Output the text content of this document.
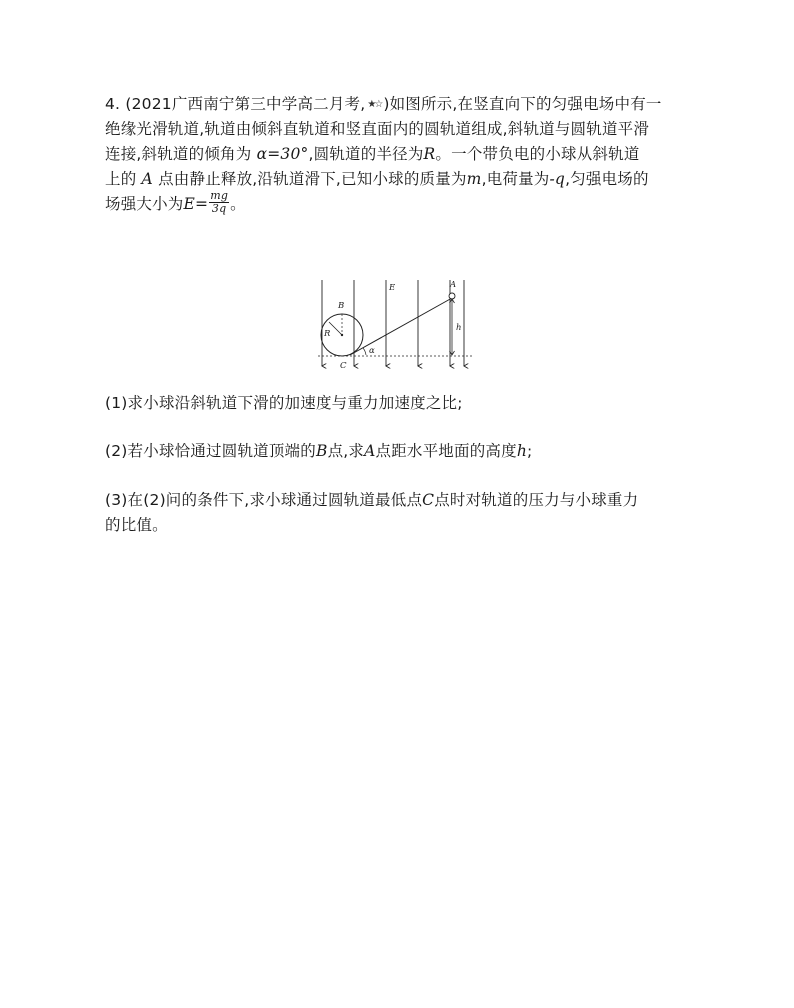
4. (2021广西南宁第三中学高二月考, ★☆ )如图所示,在竖直向下的匀强电场中有一
绝缘光滑轨道,轨道由倾斜直轨道和竖直面内的圆轨道组成,斜轨道与圆轨道平滑
连接,斜轨道的倾角为 α=30°,圆轨道的半径为R。一个带负电的小球从斜轨道
上的 A 点由静止释放,沿轨道滑下,已知小球的质量为m,电荷量为-q,匀强电场的
场强大小为$E= \frac{mg}{3q}$ 。
B
R
C
E	A
h
α
(1)求小球沿斜轨道下滑的加速度与重力加速度之比;
(2)若小球恰通过圆轨道顶端的B点,求A点距水平地面的高度h;
(3)在(2)问的条件下,求小球通过圆轨道最低点C点时对轨道的压力与小球重力
的比值。
